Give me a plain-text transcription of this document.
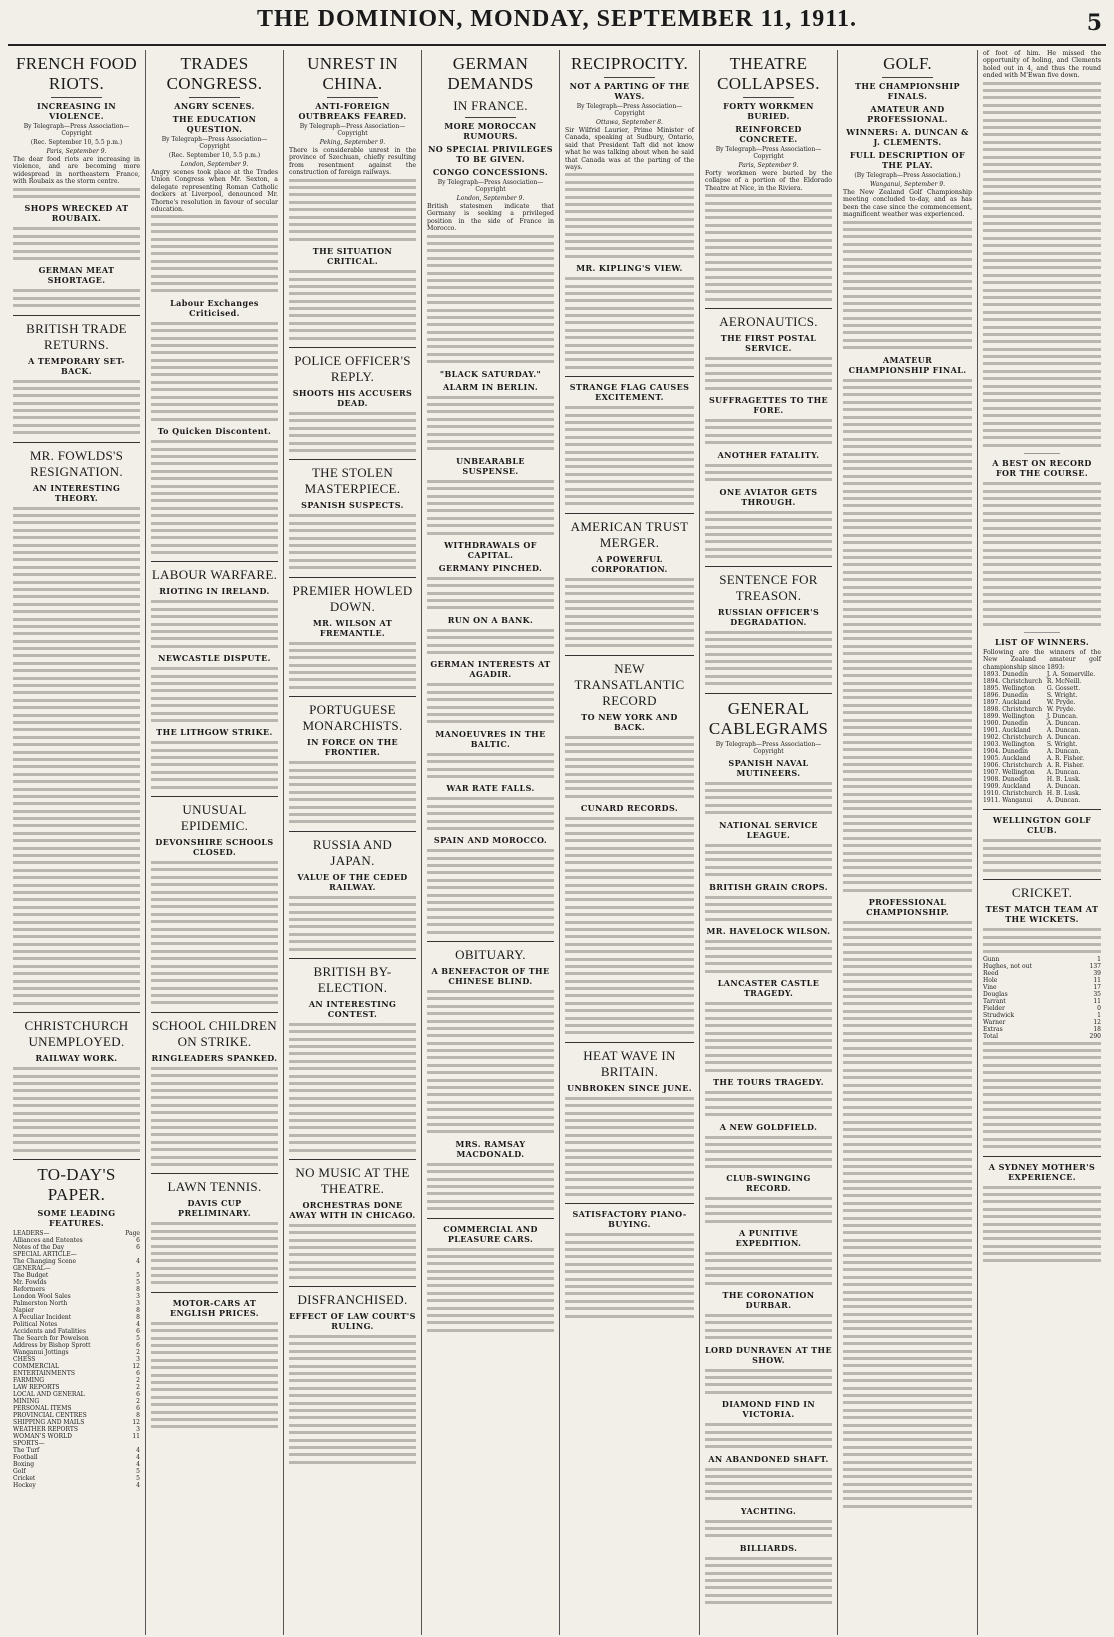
THE DOMINION, MONDAY, SEPTEMBER 11, 1911.	5
FRENCH FOOD RIOTS.
INCREASING IN VIOLENCE.
By Telegraph—Press Association—Copyright
(Rec. September 10, 5.5 p.m.)
Paris, September 9.

The dear food riots are increasing in violence, and are becoming more widespread in northeastern France, with Roubaix as the storm centre.

SHOPS WRECKED AT ROUBAIX.
GERMAN MEAT SHORTAGE.
BRITISH TRADE RETURNS.
A TEMPORARY SET-BACK.
MR. FOWLDS'S RESIGNATION.
AN INTERESTING THEORY.
CHRISTCHURCH UNEMPLOYED.
RAILWAY WORK.
TO-DAY'S PAPER.
SOME LEADING FEATURES.
LEADERS—	Page
Alliances and Ententes	6
Notes of the Day	6
SPECIAL ARTICLE—
The Changing Scene	4
GENERAL—
The Budget	5
Mr. Fowlds	5
Reformers	8
London Wool Sales	3
Palmerston North	3
Napier	8
A Peculiar Incident	8
Political Notes	4
Accidents and Fatalities	6
The Search for Powelson	5
Address by Bishop Sprott	6
Wanganui Jottings	2
CHESS	3
COMMERCIAL	12
ENTERTAINMENTS	6
FARMING	2
LAW REPORTS	2
LOCAL AND GENERAL	6
MINING	2
PERSONAL ITEMS	6
PROVINCIAL CENTRES	8
SHIPPING AND MAILS	12
WEATHER REPORTS	3
WOMAN'S WORLD	11
SPORTS—
The Turf	4
Football	4
Boxing	4
Golf	5
Cricket	5
Hockey	4
TRADES CONGRESS.
ANGRY SCENES.
THE EDUCATION QUESTION.
By Telegraph—Press Association—Copyright
(Rec. September 10, 5.5 p.m.)
London, September 9.

Angry scenes took place at the Trades Union Congress when Mr. Sexton, a delegate representing Roman Catholic dockers at Liverpool, denounced Mr. Thorne's resolution in favour of secular education.

Labour Exchanges Criticised.
To Quicken Discontent.
LABOUR WARFARE.
RIOTING IN IRELAND.
NEWCASTLE DISPUTE.
THE LITHGOW STRIKE.
UNUSUAL EPIDEMIC.
DEVONSHIRE SCHOOLS CLOSED.
SCHOOL CHILDREN ON STRIKE.
RINGLEADERS SPANKED.
LAWN TENNIS.
DAVIS CUP PRELIMINARY.
MOTOR-CARS AT ENGLISH PRICES.
UNREST IN CHINA.
ANTI-FOREIGN OUTBREAKS FEARED.
By Telegraph—Press Association—Copyright
Peking, September 9.

There is considerable unrest in the province of Szechuan, chiefly resulting from resentment against the construction of foreign railways.

THE SITUATION CRITICAL.
POLICE OFFICER'S REPLY.
SHOOTS HIS ACCUSERS DEAD.
THE STOLEN MASTERPIECE.
SPANISH SUSPECTS.
PREMIER HOWLED DOWN.
MR. WILSON AT FREMANTLE.
PORTUGUESE MONARCHISTS.
IN FORCE ON THE FRONTIER.
RUSSIA AND JAPAN.
VALUE OF THE CEDED RAILWAY.
BRITISH BY-ELECTION.
AN INTERESTING CONTEST.
NO MUSIC AT THE THEATRE.
ORCHESTRAS DONE AWAY WITH IN CHICAGO.
DISFRANCHISED.
EFFECT OF LAW COURT'S RULING.
GERMAN DEMANDS
IN FRANCE.
MORE MOROCCAN RUMOURS.
NO SPECIAL PRIVILEGES TO BE GIVEN.
CONGO CONCESSIONS.
By Telegraph—Press Association—Copyright
London, September 9.

British statesmen indicate that Germany is seeking a privileged position in the side of France in Morocco.

"BLACK SATURDAY."
ALARM IN BERLIN.
UNBEARABLE SUSPENSE.
WITHDRAWALS OF CAPITAL.
GERMANY PINCHED.
RUN ON A BANK.
GERMAN INTERESTS AT AGADIR.
MANOEUVRES IN THE BALTIC.
WAR RATE FALLS.
SPAIN AND MOROCCO.
OBITUARY.
A BENEFACTOR OF THE CHINESE BLIND.
MRS. RAMSAY MACDONALD.
COMMERCIAL AND PLEASURE CARS.
RECIPROCITY.
NOT A PARTING OF THE WAYS.
By Telegraph—Press Association—Copyright
Ottawa, September 8.

Sir Wilfrid Laurier, Prime Minister of Canada, speaking at Sudbury, Ontario, said that President Taft did not know what he was talking about when he said that Canada was at the parting of the ways.

MR. KIPLING'S VIEW.
STRANGE FLAG CAUSES EXCITEMENT.
AMERICAN TRUST MERGER.
A POWERFUL CORPORATION.
NEW TRANSATLANTIC RECORD
TO NEW YORK AND BACK.
CUNARD RECORDS.
HEAT WAVE IN BRITAIN.
UNBROKEN SINCE JUNE.
SATISFACTORY PIANO-BUYING.
THEATRE COLLAPSES.
FORTY WORKMEN BURIED.
REINFORCED CONCRETE.
By Telegraph—Press Association—Copyright
Paris, September 9.

Forty workmen were buried by the collapse of a portion of the Eldorado Theatre at Nice, in the Riviera.

AERONAUTICS.
THE FIRST POSTAL SERVICE.
SUFFRAGETTES TO THE FORE.
ANOTHER FATALITY.
ONE AVIATOR GETS THROUGH.
SENTENCE FOR TREASON.
RUSSIAN OFFICER'S DEGRADATION.
GENERAL CABLEGRAMS
By Telegraph—Press Association—Copyright
SPANISH NAVAL MUTINEERS.
NATIONAL SERVICE LEAGUE.
BRITISH GRAIN CROPS.
MR. HAVELOCK WILSON.
LANCASTER CASTLE TRAGEDY.
THE TOURS TRAGEDY.
A NEW GOLDFIELD.
CLUB-SWINGING RECORD.
A PUNITIVE EXPEDITION.
THE CORONATION DURBAR.
LORD DUNRAVEN AT THE SHOW.
DIAMOND FIND IN VICTORIA.
AN ABANDONED SHAFT.
YACHTING.
BILLIARDS.
GOLF.
THE CHAMPIONSHIP FINALS.
AMATEUR AND PROFESSIONAL.
WINNERS: A. DUNCAN & J. CLEMENTS.
FULL DESCRIPTION OF THE PLAY.
(By Telegraph—Press Association.)
Wanganui, September 9.

The New Zealand Golf Championship meeting concluded to-day, and as has been the case since the commencement, magnificent weather was experienced.

AMATEUR CHAMPIONSHIP FINAL.
PROFESSIONAL CHAMPIONSHIP.

of foot of him. He missed the opportunity of holing, and Clements holed out in 4, and thus the round ended with M'Ewan five down.

A BEST ON RECORD FOR THE COURSE.
LIST OF WINNERS.

Following are the winners of the New Zealand amateur golf championship since 1893:

1893.	Dunedin	J. A. Somerville.
1894.	Christchurch	R. McNeill.
1895.	Wellington	G. Gossett.
1896.	Dunedin	S. Wright.
1897.	Auckland	W. Pryde.
1898.	Christchurch	W. Pryde.
1899.	Wellington	J. Duncan.
1900.	Dunedin	A. Duncan.
1901.	Auckland	A. Duncan.
1902.	Christchurch	A. Duncan.
1903.	Wellington	S. Wright.
1904.	Dunedin	A. Duncan.
1905.	Auckland	A. R. Fisher.
1906.	Christchurch	A. R. Fisher.
1907.	Wellington	A. Duncan.
1908.	Dunedin	H. B. Lusk.
1909.	Auckland	A. Duncan.
1910.	Christchurch	H. B. Lusk.
1911.	Wanganui	A. Duncan.
WELLINGTON GOLF CLUB.
CRICKET.
TEST MATCH TEAM AT THE WICKETS.
Gunn	1
Hughes, not out	137
Reed	39
Hole	11
Vine	17
Douglas	35
Tarrant	11
Fielder	0
Strudwick	1
Warner	12
Extras	18
Total	290
A SYDNEY MOTHER'S EXPERIENCE.
